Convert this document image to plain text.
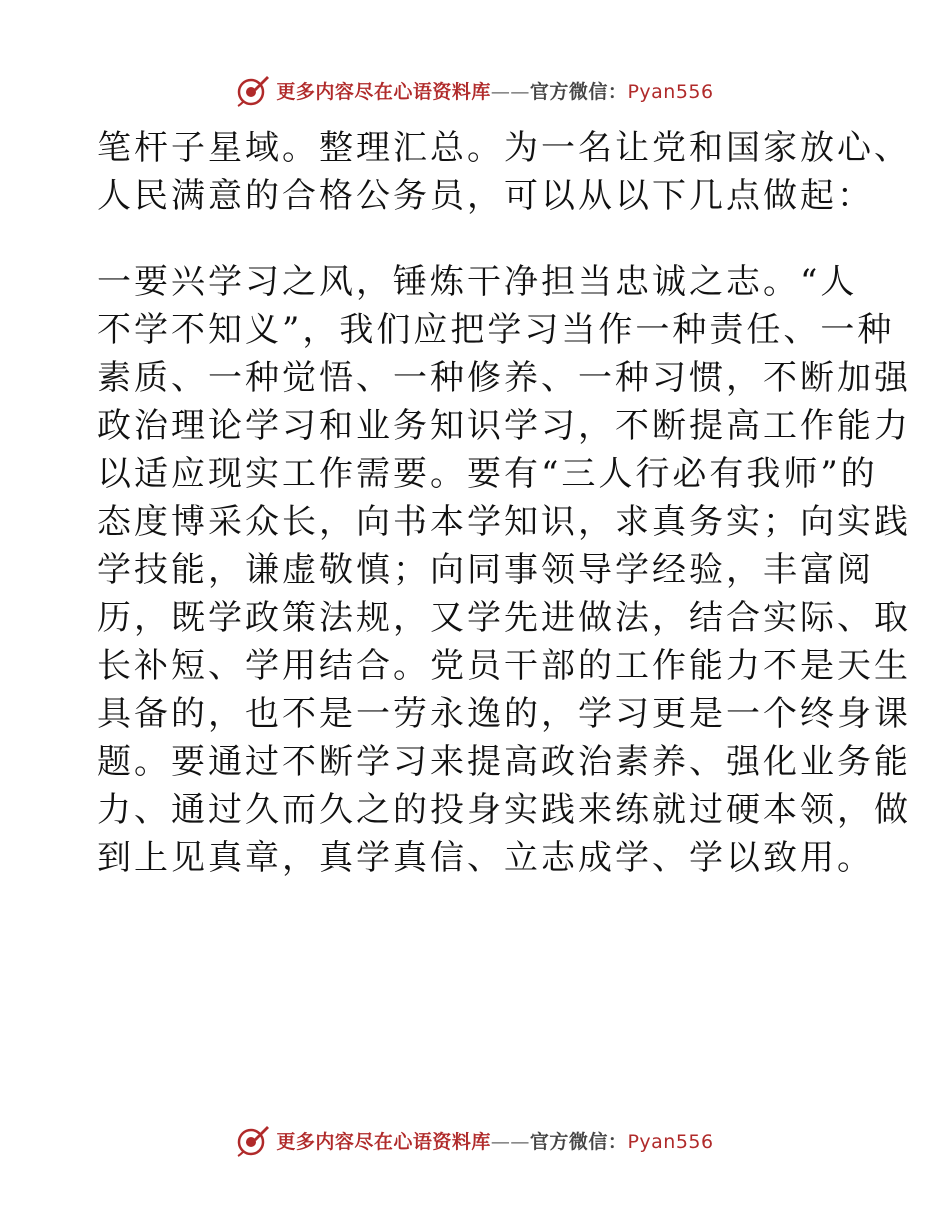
更多内容尽在心语资料库——官方微信：Pyan556
笔杆子星域。整理汇总。为一名让党和国家放心、
人民满意的合格公务员，可以从以下几点做起：
一要兴学习之风，锤炼干净担当忠诚之志。“人
不学不知义”，我们应把学习当作一种责任、一种
素质、一种觉悟、一种修养、一种习惯，不断加强
政治理论学习和业务知识学习，不断提高工作能力
以适应现实工作需要。要有“三人行必有我师”的
态度博采众长，向书本学知识，求真务实；向实践
学技能，谦虚敬慎；向同事领导学经验，丰富阅
历，既学政策法规，又学先进做法，结合实际、取
长补短、学用结合。党员干部的工作能力不是天生
具备的，也不是一劳永逸的，学习更是一个终身课
题。要通过不断学习来提高政治素养、强化业务能
力、通过久而久之的投身实践来练就过硬本领，做
到上见真章，真学真信、立志成学、学以致用。
更多内容尽在心语资料库——官方微信：Pyan556
